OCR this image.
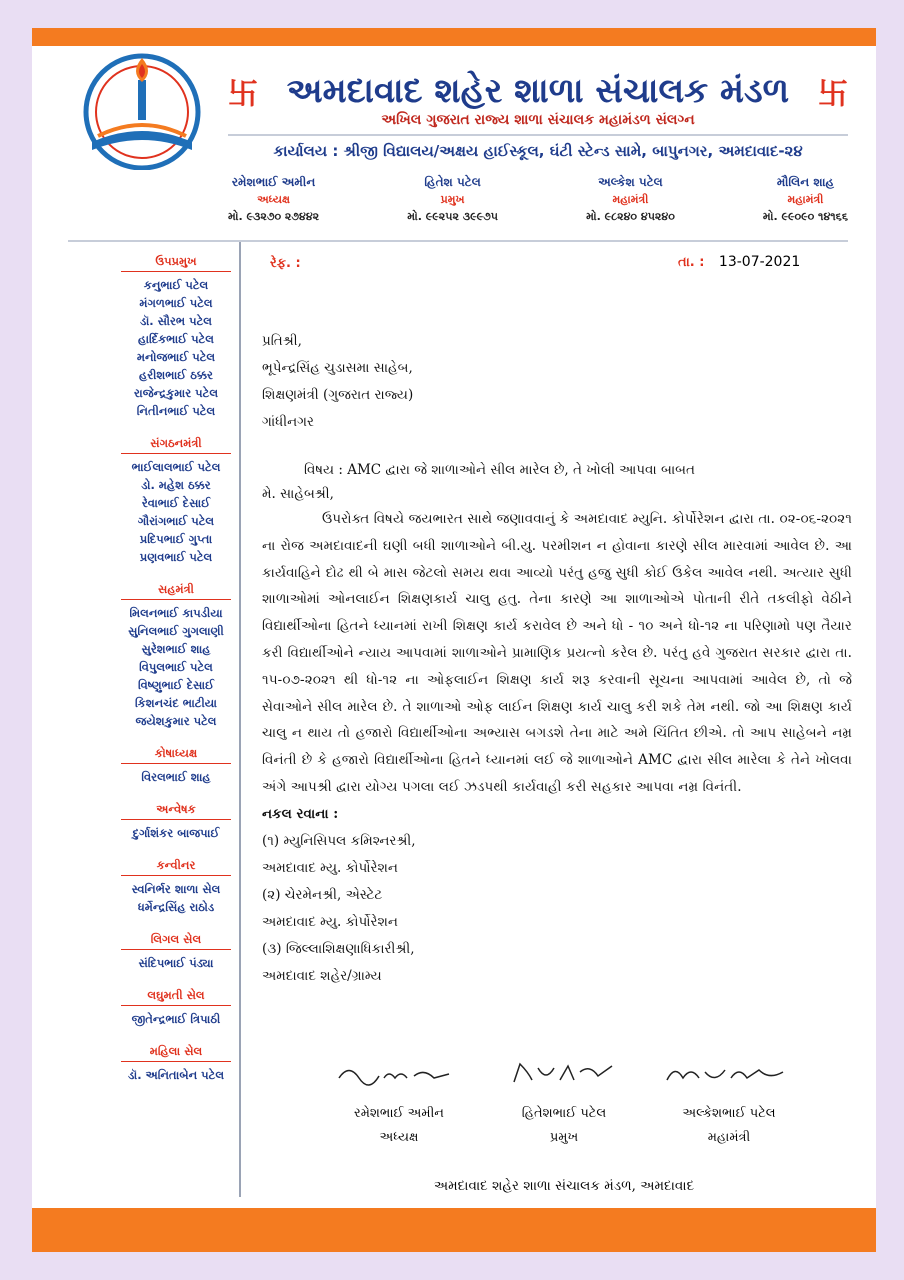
卐 અમદાવાદ શહેર શાળા સંચાલક મંડળ 卐
અખિલ ગુજરાત રાજ્ય શાળા સંચાલક મહામંડળ સંલગ્ન
કાર્યાલય : શ્રીજી વિદ્યાલય/અક્ષય હાઈસ્કૂલ, ઘંટી સ્ટેન્ડ સામે, બાપુનગર, અમદાવાદ-૨૪
રમેશભાઈ અમીન
અધ્યક્ષ
મો. ૯૩૨૭૦ ૨૭૪૪૨
હિતેશ પટેલ
પ્રમુખ
મો. ૯૯૨૫૨ ૩૯૯૭૫
અલ્કેશ પટેલ
મહામંત્રી
મો. ૯૮૨૪૦ ૪૫૨૪૦
મૌલિન શાહ
મહામંત્રી
મો. ૯૯૦૯૦ ૧૪૧૬૬
ઉપપ્રમુખ
કનુભાઈ પટેલ
મંગળભાઈ પટેલ
ડૉ. સૌરભ પટેલ
હાર્દિકભાઈ પટેલ
મનોજભાઈ પટેલ
હરીશભાઈ ઠક્કર
રાજેન્દ્રકુમાર પટેલ
નિતીનભાઈ પટેલ
સંગઠનમંત્રી
ભાઈલાલભાઈ પટેલ
ડો. મહેશ ઠક્કર
રેવાભાઈ દેસાઈ
ગૌરાંગભાઈ પટેલ
પ્રદિપભાઈ ગુપ્તા
પ્રણવભાઈ પટેલ
સહમંત્રી
મિલનભાઈ કાપડીયા
સુનિલભાઈ ગુગલાણી
સુરેશભાઈ શાહ
વિપુલભાઈ પટેલ
વિષ્ણુભાઈ દેસાઈ
કિશનચંદ ભાટીયા
જયેશકુમાર પટેલ
કોષાધ્યક્ષ
વિરલભાઈ શાહ
અન્વેષક
દુર્ગાશંકર બાજપાઈ
કન્વીનર
સ્વનિર્ભર શાળા સેલ
ધર્મેન્દ્રસિંહ રાઠોડ
લિગલ સેલ
સંદિપભાઈ પંડ્યા
લઘુમતી સેલ
જીતેન્દ્રભાઈ ત્રિપાઠી
મહિલા સેલ
ડૉ. અનિતાબેન પટેલ
રેફ. :	તા. : 13-07-2021
પ્રતિશ્રી,
ભૂપેન્દ્રસિંહ ચુડાસમા સાહેબ,
શિક્ષણમંત્રી (ગુજરાત રાજ્ય)
ગાંધીનગર
વિષય : AMC દ્વારા જે શાળાઓને સીલ મારેલ છે, તે ખોલી આપવા બાબત
મે. સાહેબશ્રી,
ઉપરોક્ત વિષયે જયભારત સાથે જણાવવાનું કે અમદાવાદ મ્યુનિ. કોર્પોરેશન દ્વારા તા. ૦૨-૦૬-૨૦૨૧ ના રોજ અમદાવાદની ઘણી બધી શાળાઓને બી.યુ. પરમીશન ન હોવાના કારણે સીલ મારવામાં આવેલ છે. આ કાર્યવાહિને દોઢ થી બે માસ જેટલો સમય થવા આવ્યો પરંતુ હજુ સુધી કોઈ ઉકેલ આવેલ નથી. અત્યાર સુધી શાળાઓમાં ઓનલાઈન શિક્ષણકાર્ય ચાલુ હતુ. તેના કારણે આ શાળાઓએ પોતાની રીતે તકલીફો વેઠીને વિદ્યાર્થીઓના હિતને ધ્યાનમાં રાખી શિક્ષણ કાર્ય કરાવેલ છે અને ધો - ૧૦ અને ધો-૧૨ ના પરિણામો પણ તૈયાર કરી વિદ્યાર્થીઓને ન્યાય આપવામાં શાળાઓને પ્રામાણિક પ્રયત્નો કરેલ છે. પરંતુ હવે ગુજરાત સરકાર દ્વારા તા. ૧૫-૦૭-૨૦૨૧ થી ધો-૧૨ ના ઓફલાઈન શિક્ષણ કાર્ય શરૂ કરવાની સૂચના આપવામાં આવેલ છે, તો જે સેવાઓને સીલ મારેલ છે. તે શાળાઓ ઓફ લાઈન શિક્ષણ કાર્ય ચાલુ કરી શકે તેમ નથી. જો આ શિક્ષણ કાર્ય ચાલુ ન થાય તો હજારો વિદ્યાર્થીઓના અભ્યાસ બગડશે તેના માટે અમે ચિંતિત છીએ. તો આપ સાહેબને નમ્ર વિનંતી છે કે હજારો વિદ્યાર્થીઓના હિતને ધ્યાનમાં લઈ જે શાળાઓને AMC દ્વારા સીલ મારેલા કે તેને ખોલવા અંગે આપશ્રી દ્વારા યોગ્ય પગલા લઈ ઝડપથી કાર્યવાહી કરી સહકાર આપવા નમ્ર વિનંતી.
નકલ રવાના :
(૧) મ્યુનિસિપલ કમિશ્નરશ્રી,
અમદાવાદ મ્યુ. કોર્પોરેશન
(૨) ચેરમેનશ્રી, એસ્ટેટ
અમદાવાદ મ્યુ. કોર્પોરેશન
(૩) જિલ્લાશિક્ષણાધિકારીશ્રી,
અમદાવાદ શહેર/ગ્રામ્ય
રમેશભાઈ અમીન
અધ્યક્ષ
હિતેશભાઈ પટેલ
પ્રમુખ
અલ્કેશભાઈ પટેલ
મહામંત્રી
અમદાવાદ શહેર શાળા સંચાલક મંડળ, અમદાવાદ
